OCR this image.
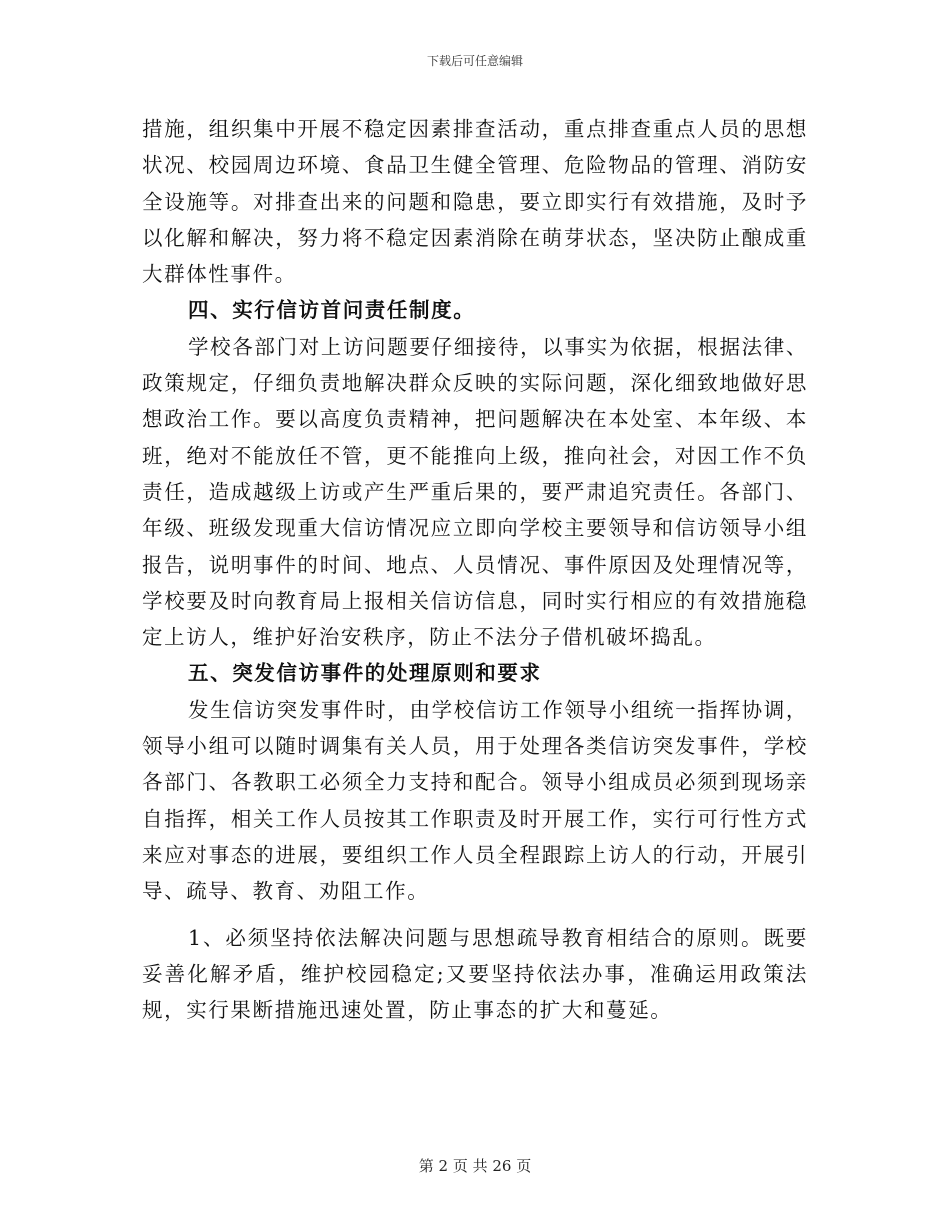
下载后可任意编辑

措施，组织集中开展不稳定因素排查活动，重点排查重点人员的思想状况、校园周边环境、食品卫生健全管理、危险物品的管理、消防安全设施等。对排查出来的问题和隐患，要立即实行有效措施，及时予以化解和解决，努力将不稳定因素消除在萌芽状态，坚决防止酿成重大群体性事件。

四、实行信访首问责任制度。

学校各部门对上访问题要仔细接待，以事实为依据，根据法律、政策规定，仔细负责地解决群众反映的实际问题，深化细致地做好思想政治工作。要以高度负责精神，把问题解决在本处室、本年级、本班，绝对不能放任不管，更不能推向上级，推向社会，对因工作不负责任，造成越级上访或产生严重后果的，要严肃追究责任。各部门、年级、班级发现重大信访情况应立即向学校主要领导和信访领导小组报告，说明事件的时间、地点、人员情况、事件原因及处理情况等，学校要及时向教育局上报相关信访信息，同时实行相应的有效措施稳定上访人，维护好治安秩序，防止不法分子借机破坏捣乱。

五、突发信访事件的处理原则和要求

发生信访突发事件时，由学校信访工作领导小组统一指挥协调，领导小组可以随时调集有关人员，用于处理各类信访突发事件，学校各部门、各教职工必须全力支持和配合。领导小组成员必须到现场亲自指挥，相关工作人员按其工作职责及时开展工作，实行可行性方式来应对事态的进展，要组织工作人员全程跟踪上访人的行动，开展引导、疏导、教育、劝阻工作。

1、必须坚持依法解决问题与思想疏导教育相结合的原则。既要妥善化解矛盾，维护校园稳定;又要坚持依法办事，准确运用政策法规，实行果断措施迅速处置，防止事态的扩大和蔓延。

第 2 页 共 26 页
